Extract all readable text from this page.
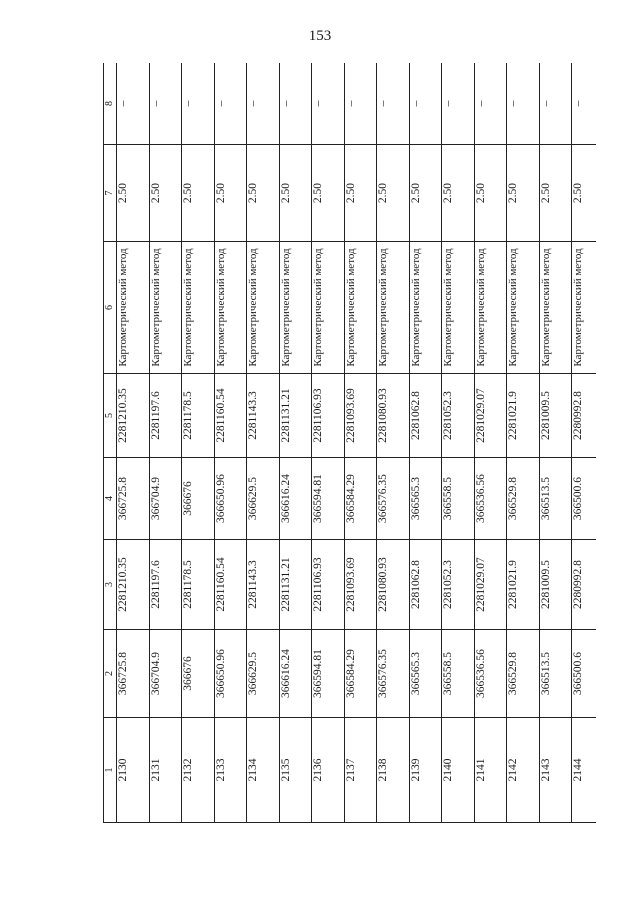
153
1	2	3	4	5	6	7	8
2130	366725.8	2281210.35	366725.8	2281210.35	Картометрический метод	2.50	–
2131	366704.9	2281197.6	366704.9	2281197.6	Картометрический метод	2.50	–
2132	366676	2281178.5	366676	2281178.5	Картометрический метод	2.50	–
2133	366650.96	2281160.54	366650.96	2281160.54	Картометрический метод	2.50	–
2134	366629.5	2281143.3	366629.5	2281143.3	Картометрический метод	2.50	–
2135	366616.24	2281131.21	366616.24	2281131.21	Картометрический метод	2.50	–
2136	366594.81	2281106.93	366594.81	2281106.93	Картометрический метод	2.50	–
2137	366584.29	2281093.69	366584.29	2281093.69	Картометрический метод	2.50	–
2138	366576.35	2281080.93	366576.35	2281080.93	Картометрический метод	2.50	–
2139	366565.3	2281062.8	366565.3	2281062.8	Картометрический метод	2.50	–
2140	366558.5	2281052.3	366558.5	2281052.3	Картометрический метод	2.50	–
2141	366536.56	2281029.07	366536.56	2281029.07	Картометрический метод	2.50	–
2142	366529.8	2281021.9	366529.8	2281021.9	Картометрический метод	2.50	–
2143	366513.5	2281009.5	366513.5	2281009.5	Картометрический метод	2.50	–
2144	366500.6	2280992.8	366500.6	2280992.8	Картометрический метод	2.50	–
